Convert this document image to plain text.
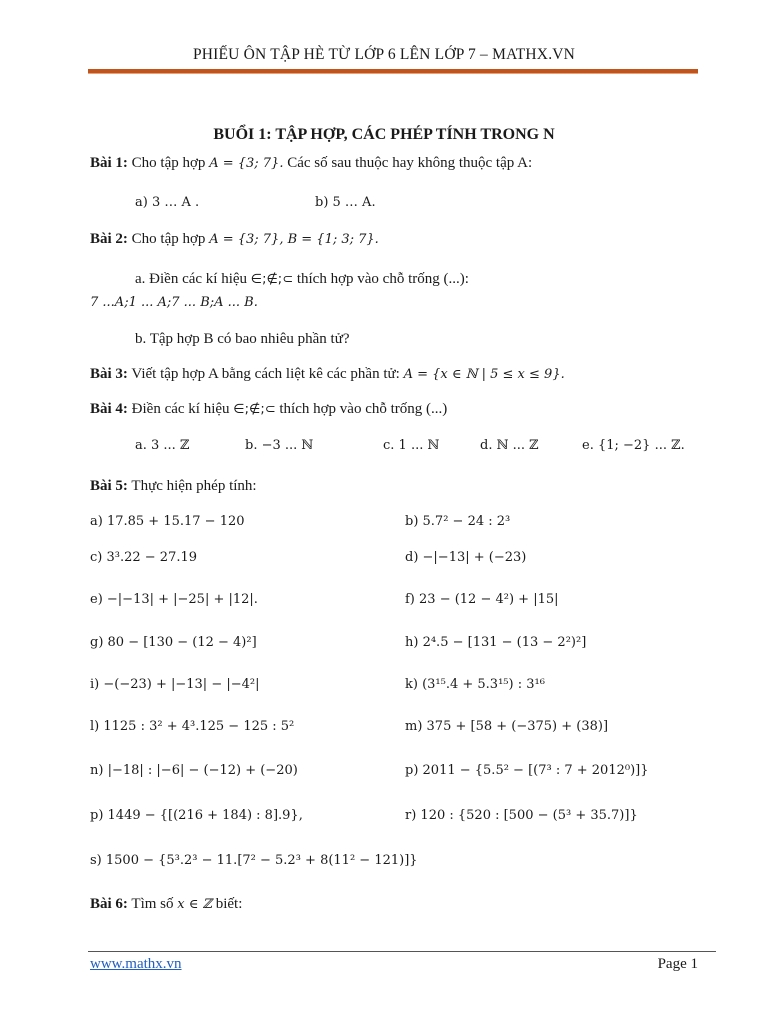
PHIẾU ÔN TẬP HÈ TỪ LỚP 6 LÊN LỚP 7 – MATHX.VN
BUỔI 1: TẬP HỢP, CÁC PHÉP TÍNH TRONG N
Bài 1: Cho tập hợp A = {3; 7}. Các số sau thuộc hay không thuộc tập A:
a) 3 … A .	b) 5 … A.
Bài 2: Cho tập hợp A = {3; 7}, B = {1; 3; 7}.
a. Điền các kí hiệu ∈;∉;⊂ thích hợp vào chỗ trống (...):
7 ...A;1 ... A;7 ... B;A ... B.
b. Tập hợp B có bao nhiêu phần tử?
Bài 3: Viết tập hợp A bằng cách liệt kê các phần tử: A = {x ∈ ℕ | 5 ≤ x ≤ 9}.
Bài 4: Điền các kí hiệu ∈;∉;⊂ thích hợp vào chỗ trống (...)
a. 3 ... ℤ	b. −3 ... ℕ	c. 1 ... ℕ	d. ℕ ... ℤ	e. {1; −2} ... ℤ.
Bài 5: Thực hiện phép tính:
a) 17.85 + 15.17 − 120	b) 5.7² − 24 : 2³
c) 3³.22 − 27.19	d) −|−13| + (−23)
e) −|−13| + |−25| + |12|.	f) 23 − (12 − 4²) + |15|
g) 80 − [130 − (12 − 4)²]	h) 2⁴.5 − [131 − (13 − 2²)²]
i) −(−23) + |−13| − |−4²|	k) (3¹⁵.4 + 5.3¹⁵) : 3¹⁶
l) 1125 : 3² + 4³.125 − 125 : 5²	m) 375 + [58 + (−375) + (38)]
n) |−18| : |−6| − (−12) + (−20)	p) 2011 − {5.5² − [(7³ : 7 + 2012⁰)]}
p) 1449 − {[(216 + 184) : 8].9},	r) 120 : {520 : [500 − (5³ + 35.7)]}
s) 1500 − {5³.2³ − 11.[7² − 5.2³ + 8(11² − 121)]}
Bài 6: Tìm số x ∈ ℤ biết:
www.mathx.vn	Page 1
